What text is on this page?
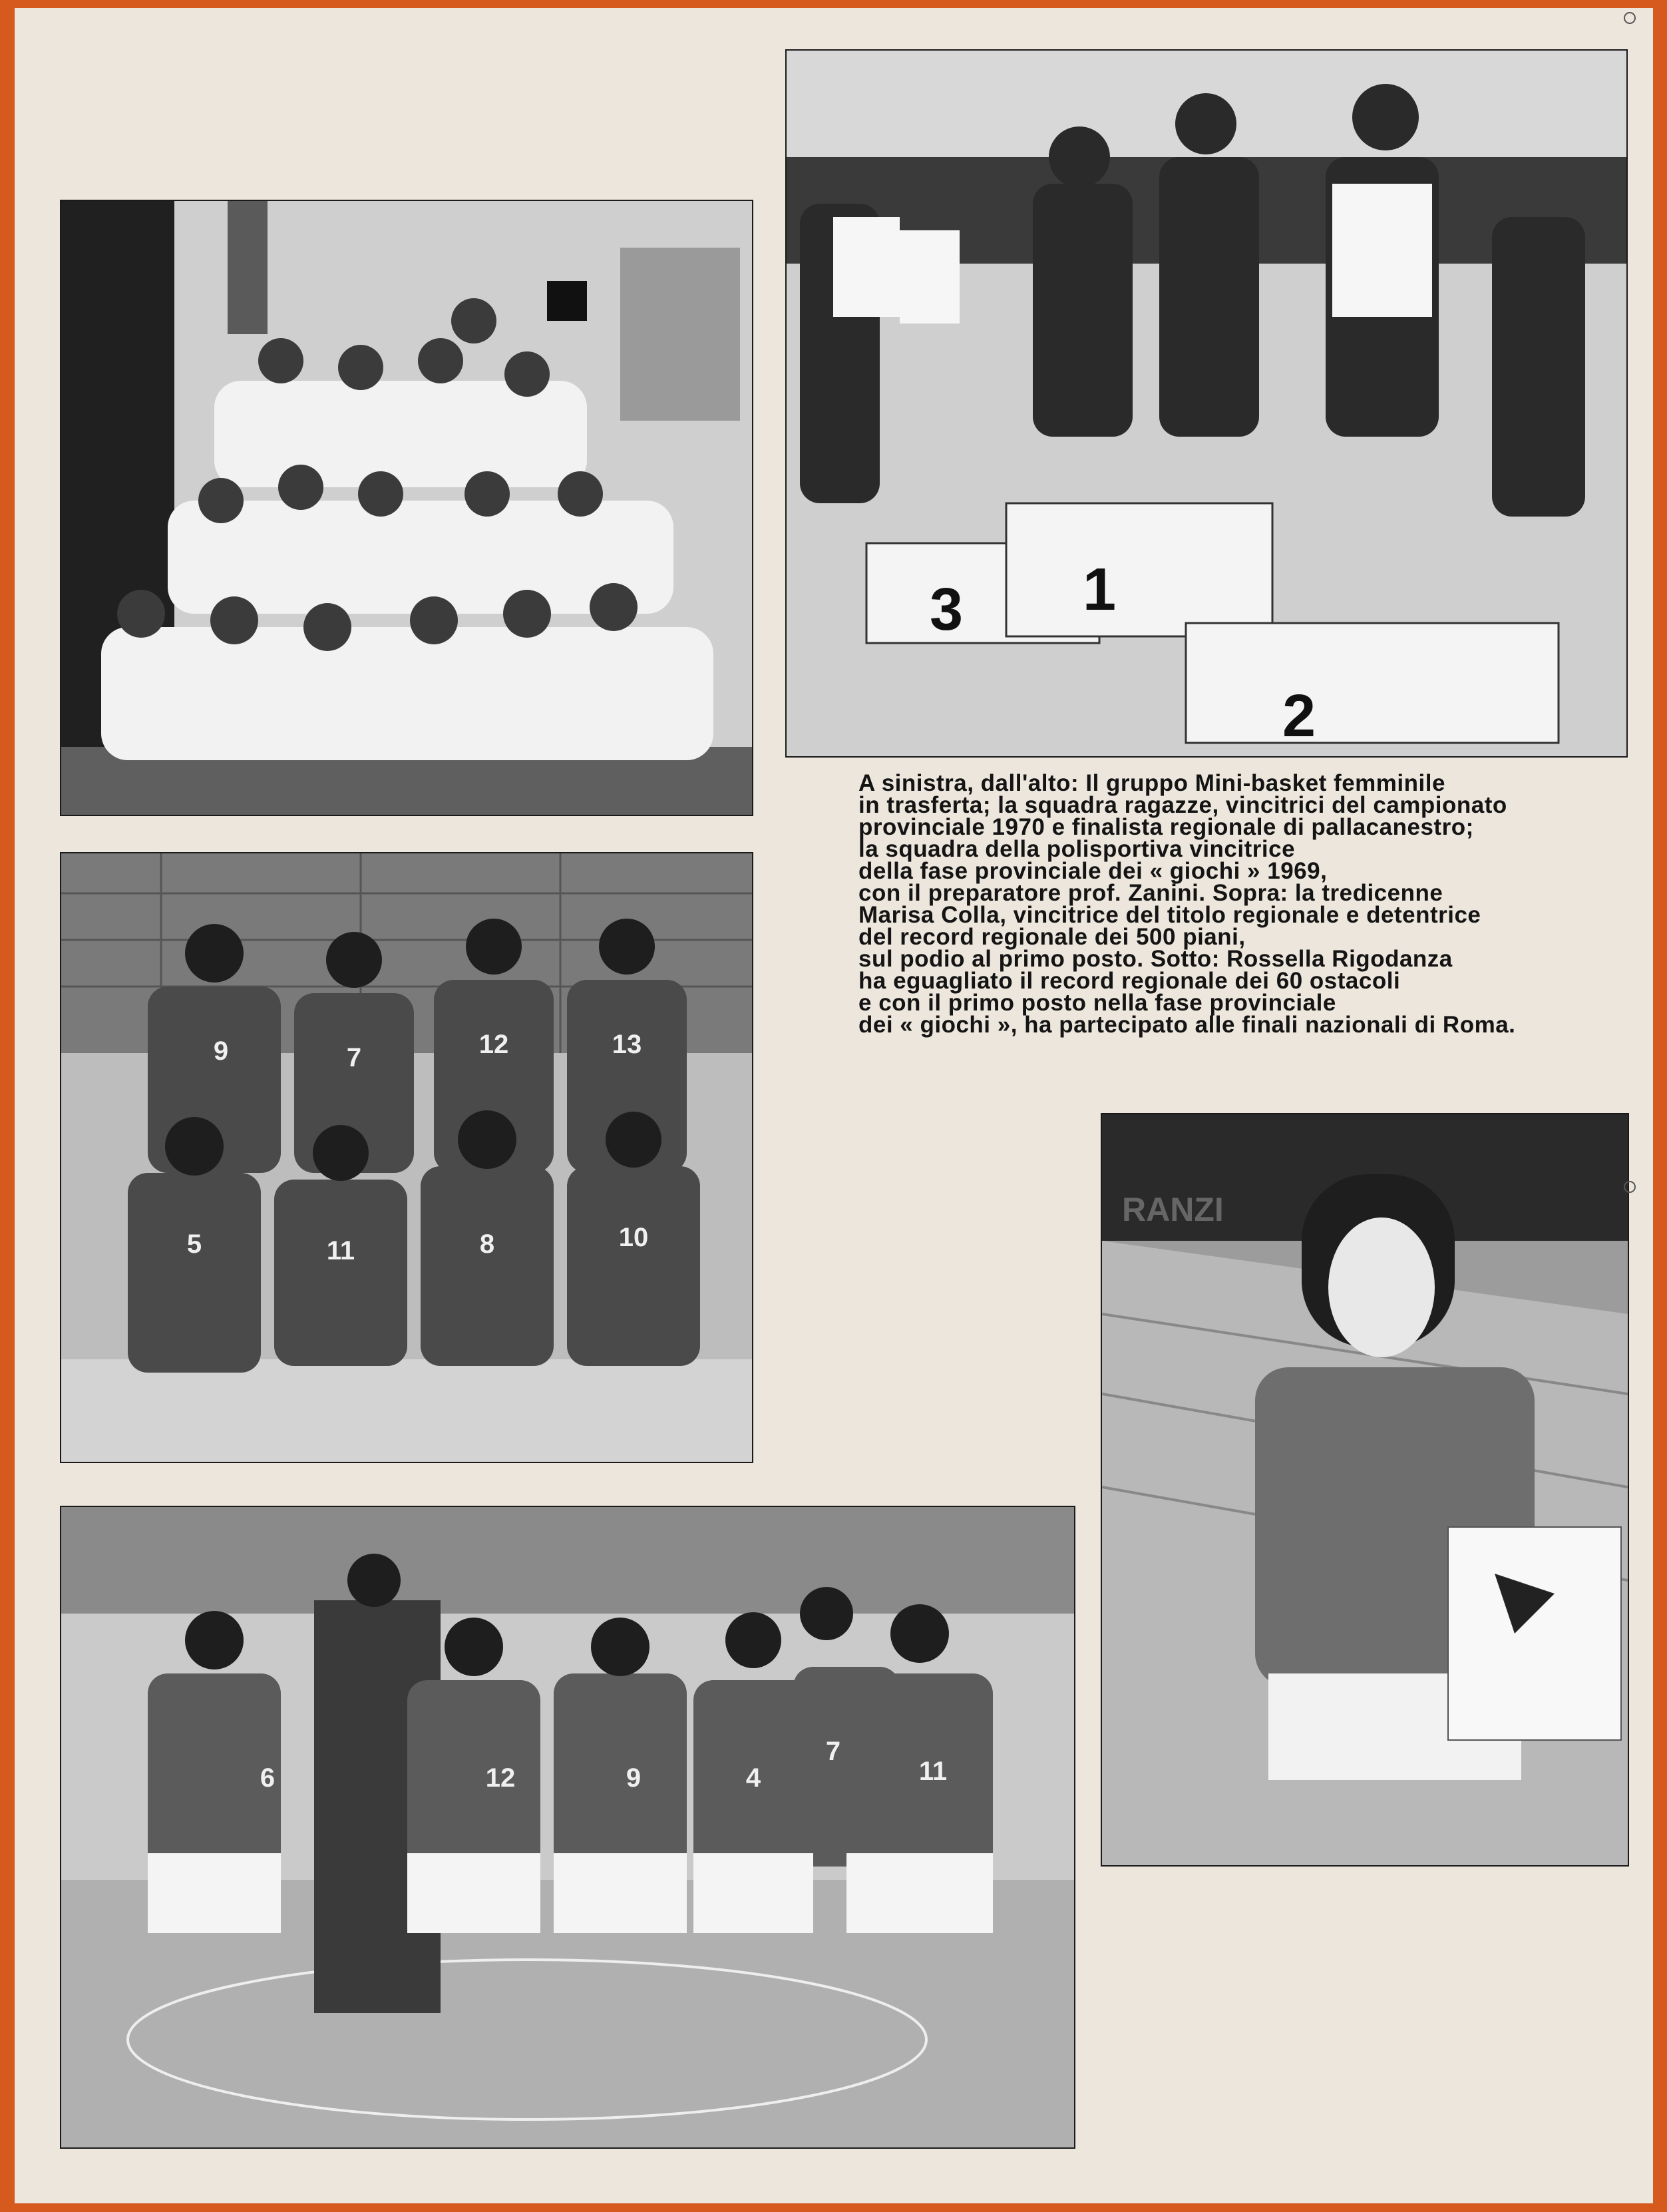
9	7	12	13
5	11	8	10
6	12	9	4
7
11
3 1
2
RANZI
A sinistra, dall'alto: Il gruppo Mini-basket femminile
in trasferta; la squadra ragazze, vincitrici del campionato
provinciale 1970 e finalista regionale di pallacanestro;
la squadra della polisportiva vincitrice
della fase provinciale dei « giochi » 1969,
con il preparatore prof. Zanini. Sopra: la tredicenne
Marisa Colla, vincitrice del titolo regionale e detentrice
del record regionale dei 500 piani,
sul podio al primo posto. Sotto: Rossella Rigodanza
ha eguagliato il record regionale dei 60 ostacoli
e con il primo posto nella fase provinciale
dei « giochi », ha partecipato alle finali nazionali di Roma.
